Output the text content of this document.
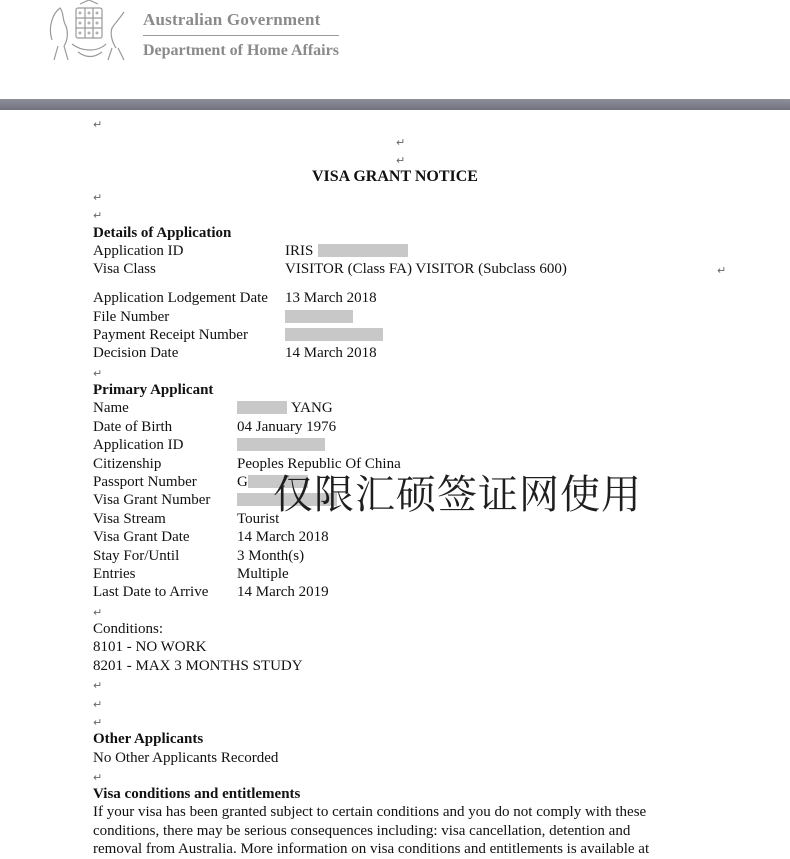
Australian Government
Department of Home Affairs
↵
↵
↵
↵
↵
↵
↵
↵
↵
↵
↵
↵
VISA GRANT NOTICE
Details of Application
Application ID	IRIS
Visa Class	VISITOR (Class FA) VISITOR (Subclass 600)
Application Lodgement Date 13 March 2018
File Number
Payment Receipt Number
Decision Date	14 March 2018
Primary Applicant
Name	YANG
Date of Birth	04 January 1976
Application ID
Citizenship	Peoples Republic Of China
Passport Number	G
Visa Grant Number
Visa Stream	Tourist
Visa Grant Date	14 March 2018
Stay For/Until	3 Month(s)
Entries	Multiple
Last Date to Arrive 14 March 2019
Conditions:
8101 - NO WORK
8201 - MAX 3 MONTHS STUDY
Other Applicants
No Other Applicants Recorded
Visa conditions and entitlements
If your visa has been granted subject to certain conditions and you do not comply with these
conditions, there may be serious consequences including: visa cancellation, detention and
removal from Australia. More information on visa conditions and entitlements is available at
仅限汇硕签证网使用
